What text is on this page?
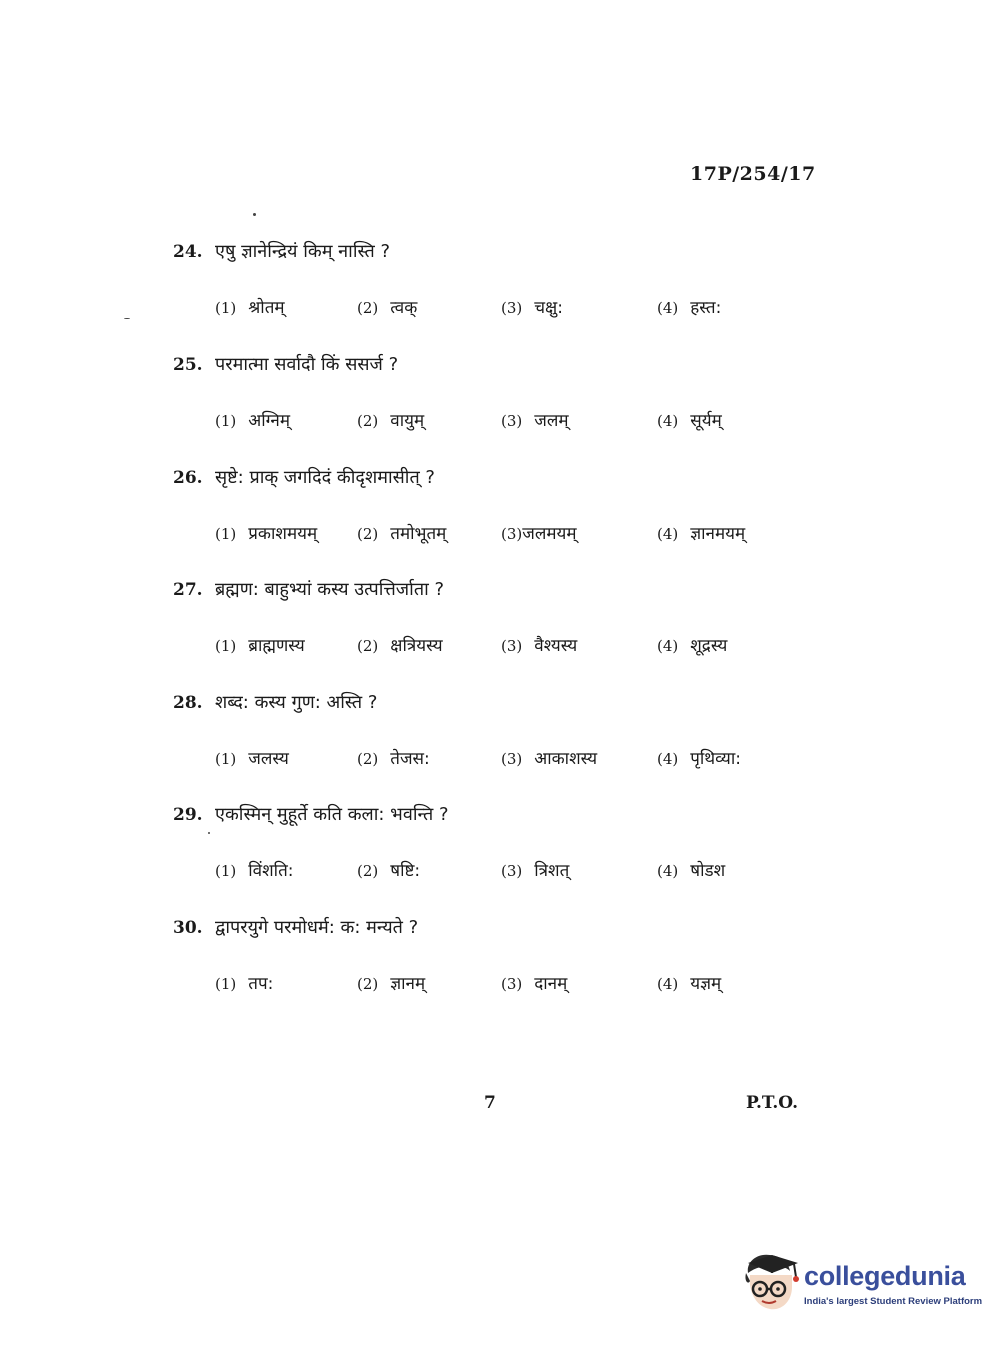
17P/254/17
24. एषु ज्ञानेन्द्रियं किम् नास्ति ?
(1) श्रोतम्	(2) त्वक्	(3) चक्षु:	(4) हस्त:
25. परमात्मा सर्वादौ किं ससर्ज ?
(1) अग्निम्	(2) वायुम्	(3) जलम्	(4) सूर्यम्
26. सृष्टे: प्राक् जगदिदं कीदृशमासीत् ?
(1) प्रकाशमयम्	(2) तमोभूतम्	(3)जलमयम्	(4) ज्ञानमयम्
27. ब्रह्मण: बाहुभ्यां कस्य उत्पत्तिर्जाता ?
(1) ब्राह्मणस्य	(2) क्षत्रियस्य	(3) वैश्यस्य	(4) शूद्रस्य
28. शब्द: कस्य गुण: अस्ति ?
(1) जलस्य	(2) तेजस:	(3) आकाशस्य	(4) पृथिव्या:
29. एकस्मिन् मुहूर्ते कति कला: भवन्ति ?
(1) विंशति:	(2) षष्टि:	(3) त्रिशत्	(4) षोडश
30. द्वापरयुगे परमोधर्म: क: मन्यते ?
(1) तप:	(2) ज्ञानम्	(3) दानम्	(4) यज्ञम्
7	P.T.O.
collegedunia
India's largest Student Review Platform
